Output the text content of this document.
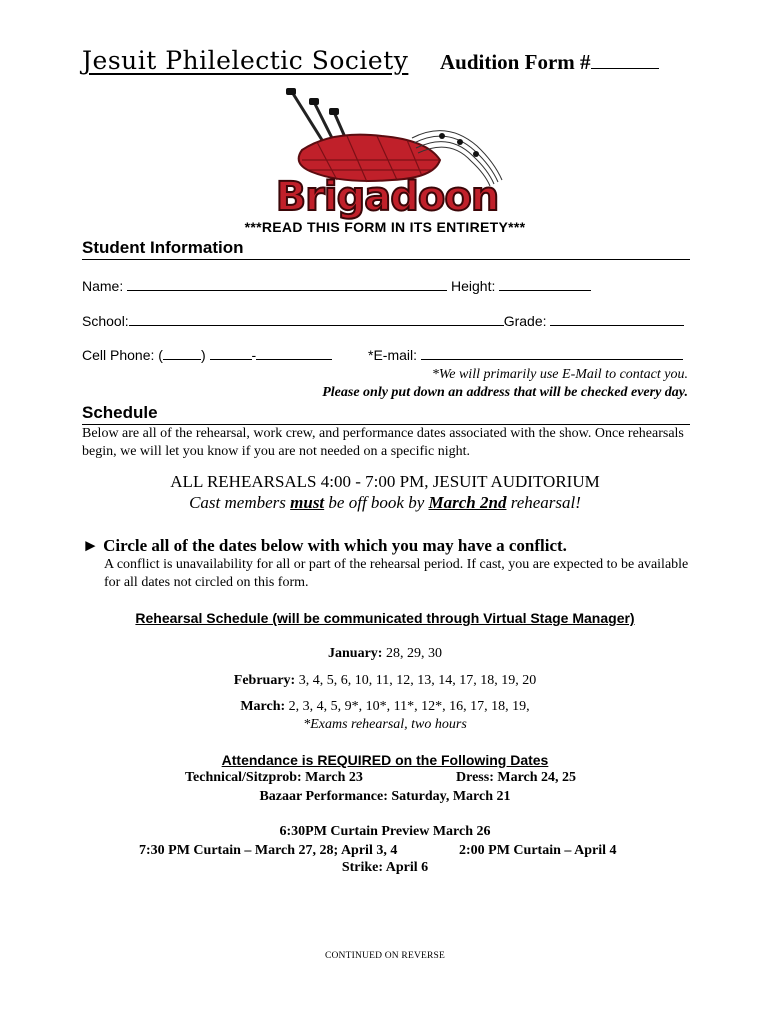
Jesuit Philelectic Society Audition Form #
Brigadoon
***READ THIS FORM IN ITS ENTIRETY***
Student Information
Name:	Height:
School:	Grade:
Cell Phone: (	)	-	*E-mail:
*We will primarily use E-Mail to contact you.
Please only put down an address that will be checked every day.
Schedule
Below are all of the rehearsal, work crew, and performance dates associated with the show. Once rehearsals begin, we will let you know if you are not needed on a specific night.
ALL REHEARSALS 4:00 - 7:00 PM, JESUIT AUDITORIUM
Cast members must be off book by March 2nd rehearsal!
► Circle all of the dates below with which you may have a conflict.
A conflict is unavailability for all or part of the rehearsal period. If cast, you are expected to be available for all dates not circled on this form.
Rehearsal Schedule (will be communicated through Virtual Stage Manager)
January: 28, 29, 30
February: 3, 4, 5, 6, 10, 11, 12, 13, 14, 17, 18, 19, 20
March: 2, 3, 4, 5, 9*, 10*, 11*, 12*, 16, 17, 18, 19,
*Exams rehearsal, two hours
Attendance is REQUIRED on the Following Dates
Technical/Sitzprob: March 23	Dress: March 24, 25
Bazaar Performance: Saturday, March 21
6:30PM Curtain Preview March 26
7:30 PM Curtain – March 27, 28; April 3, 4	2:00 PM Curtain – April 4
Strike: April 6
CONTINUED ON REVERSE
